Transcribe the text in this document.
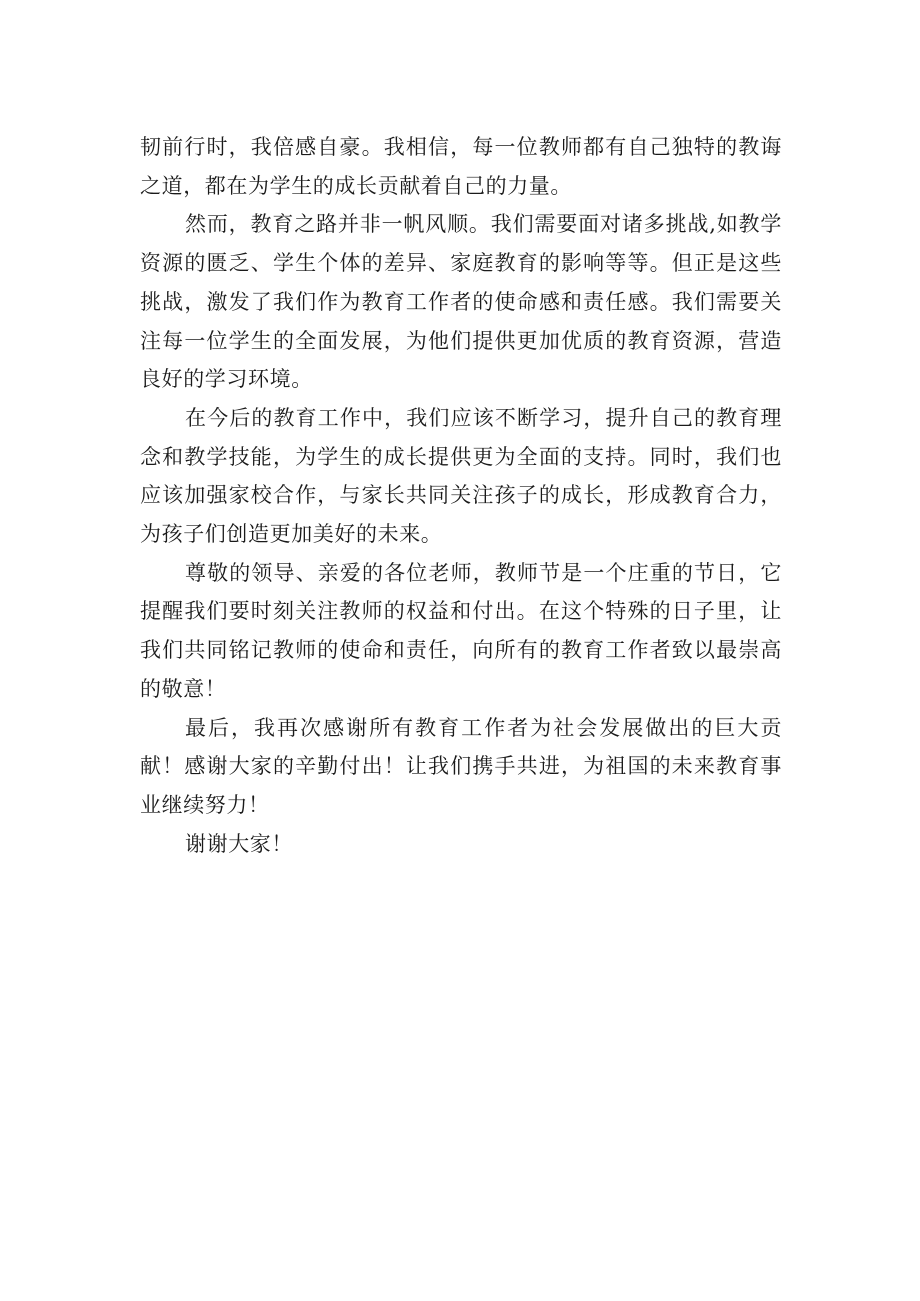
韧前行时，我倍感自豪。我相信，每一位教师都有自己独特的教诲之道，都在为学生的成长贡献着自己的力量。

然而，教育之路并非一帆风顺。我们需要面对诸多挑战,如教学资源的匮乏、学生个体的差异、家庭教育的影响等等。但正是这些挑战，激发了我们作为教育工作者的使命感和责任感。我们需要关注每一位学生的全面发展，为他们提供更加优质的教育资源，营造良好的学习环境。

在今后的教育工作中，我们应该不断学习，提升自己的教育理念和教学技能，为学生的成长提供更为全面的支持。同时，我们也应该加强家校合作，与家长共同关注孩子的成长，形成教育合力，为孩子们创造更加美好的未来。

尊敬的领导、亲爱的各位老师，教师节是一个庄重的节日，它提醒我们要时刻关注教师的权益和付出。在这个特殊的日子里，让我们共同铭记教师的使命和责任，向所有的教育工作者致以最崇高的敬意！

最后，我再次感谢所有教育工作者为社会发展做出的巨大贡献！感谢大家的辛勤付出！让我们携手共进，为祖国的未来教育事业继续努力！

谢谢大家！
